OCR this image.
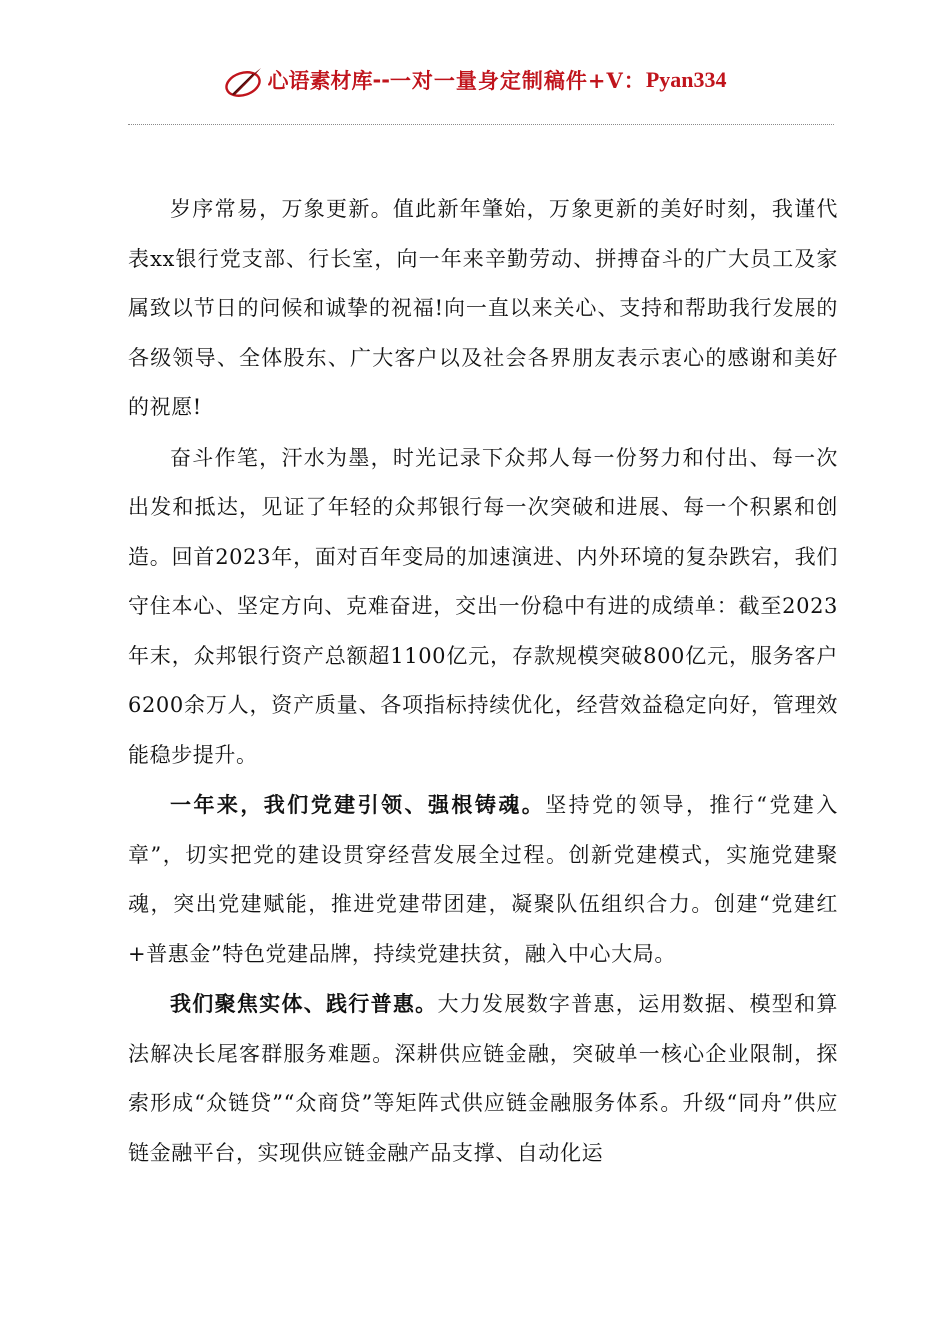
心语素材库 -- 一对一量身定制稿件+V： Pyan334

岁序常易，万象更新。值此新年肇始，万象更新的美好时刻，我谨代表xx银行党支部、行长室，向一年来辛勤劳动、拼搏奋斗的广大员工及家属致以节日的问候和诚挚的祝福!向一直以来关心、支持和帮助我行发展的各级领导、全体股东、广大客户以及社会各界朋友表示衷心的感谢和美好的祝愿!

奋斗作笔，汗水为墨，时光记录下众邦人每一份努力和付出、每一次出发和抵达，见证了年轻的众邦银行每一次突破和进展、每一个积累和创造。回首2023年，面对百年变局的加速演进、内外环境的复杂跌宕，我们守住本心、坚定方向、克难奋进，交出一份稳中有进的成绩单：截至2023年末，众邦银行资产总额超1100亿元，存款规模突破800亿元，服务客户6200余万人，资产质量、各项指标持续优化，经营效益稳定向好，管理效能稳步提升。

一年来，我们党建引领、强根铸魂。坚持党的领导，推行“党建入章”，切实把党的建设贯穿经营发展全过程。创新党建模式，实施党建聚魂，突出党建赋能，推进党建带团建，凝聚队伍组织合力。创建“党建红+普惠金”特色党建品牌，持续党建扶贫，融入中心大局。

我们聚焦实体、践行普惠。大力发展数字普惠，运用数据、模型和算法解决长尾客群服务难题。深耕供应链金融，突破单一核心企业限制，探索形成“众链贷”“众商贷”等矩阵式供应链金融服务体系。升级“同舟”供应链金融平台，实现供应链金融产品支撑、自动化运
